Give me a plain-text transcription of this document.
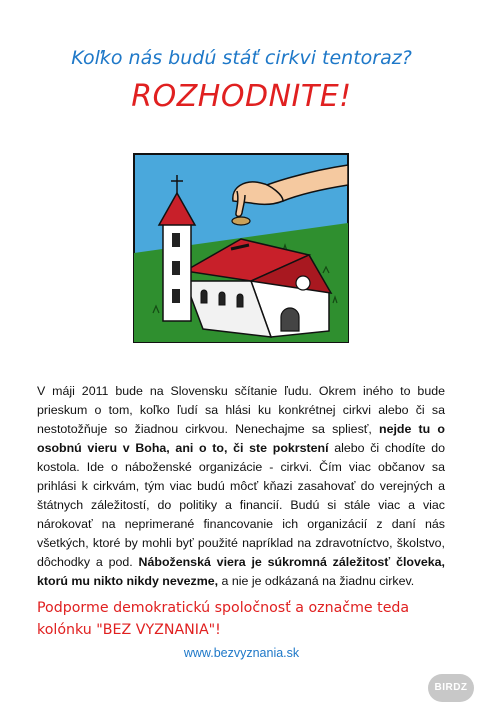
Koľko nás budú stáť cirkvi tentoraz?
ROZHODNITE!

V máji 2011 bude na Slovensku sčítanie ľudu. Okrem iného to bude prieskum o tom, koľko ľudí sa hlási ku konkrétnej cirkvi alebo či sa nestotožňuje so žiadnou cirkvou. Nenechajme sa spliesť, nejde tu o osobnú vieru v Boha, ani o to, či ste pokrstení alebo či chodíte do kostola. Ide o náboženské organizácie - cirkvi. Čím viac občanov sa prihlási k cirkvám, tým viac budú môcť kňazi zasahovať do verejných a štátnych záležitostí, do politiky a financií. Budú si stále viac a viac nárokovať na neprimerané financovanie ich organizácií z daní nás všetkých, ktoré by mohli byť použité napríklad na zdravotníctvo, školstvo, dôchodky a pod. Náboženská viera je súkromná záležitosť človeka, ktorú mu nikto nikdy nevezme, a nie je odkázaná na žiadnu cirkev.

Podporme demokratickú spoločnosť a označme teda kolónku "BEZ VYZNANIA"!

www.bezvyznania.sk
BIRDZ
